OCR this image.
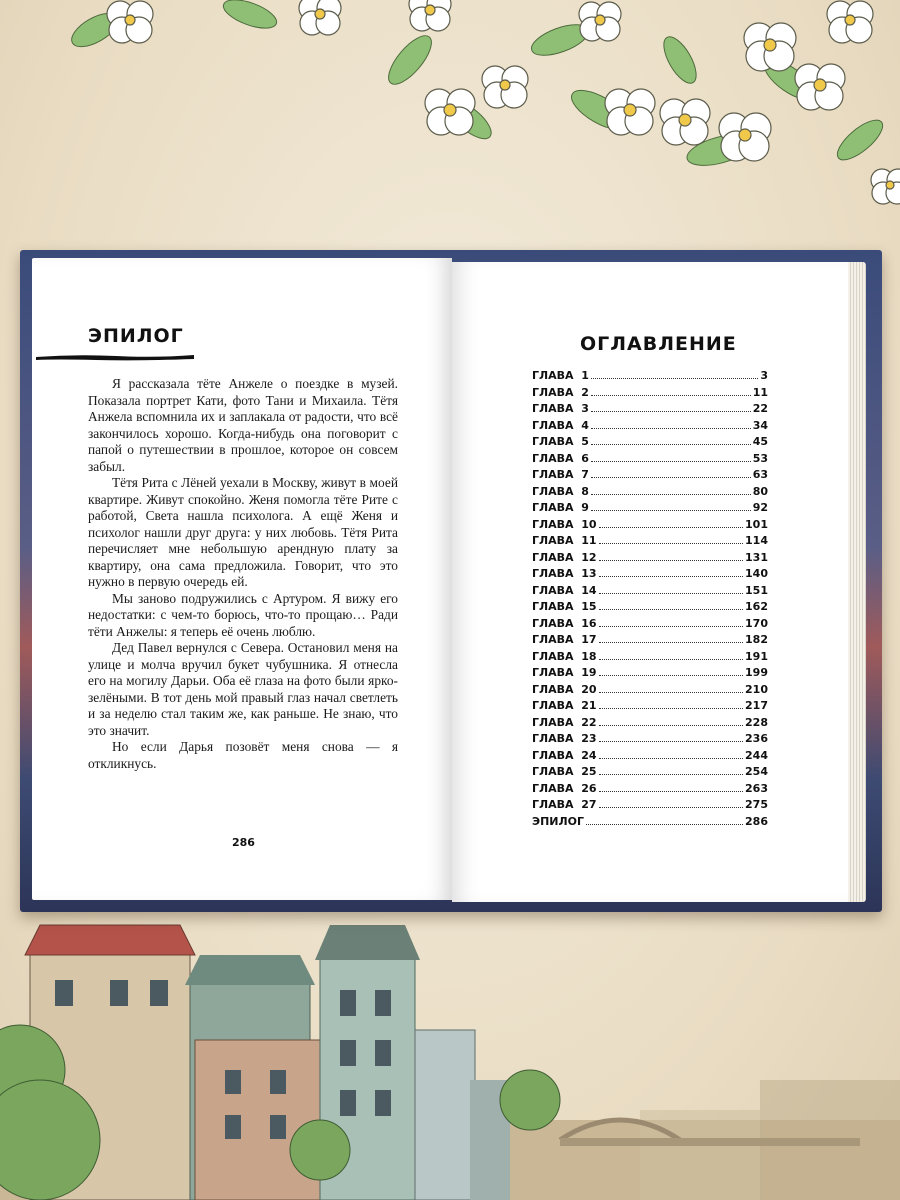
ЭПИЛОГ

Я рассказала тёте Анжеле о поездке в музей. Показала портрет Кати, фото Тани и Михаила. Тётя Анжела вспомнила их и заплакала от радости, что всё закончилось хорошо. Когда-нибудь она поговорит с папой о путешествии в прошлое, которое он совсем забыл.

Тётя Рита с Лёней уехали в Москву, живут в моей квартире. Живут спокойно. Женя помогла тёте Рите с работой, Света нашла психолога. А ещё Женя и психолог нашли друг друга: у них любовь. Тётя Рита перечисляет мне небольшую арендную плату за квартиру, она сама предложила. Говорит, что это нужно в первую очередь ей.

Мы заново подружились с Артуром. Я вижу его недостатки: с чем-то борюсь, что-то прощаю… Ради тёти Анжелы: я теперь её очень люблю.

Дед Павел вернулся с Севера. Остановил меня на улице и молча вручил букет чубушника. Я отнесла его на могилу Дарьи. Оба её глаза на фото были ярко-зелёными. В тот день мой правый глаз начал светлеть и за неделю стал таким же, как раньше. Не знаю, что это значит.

Но если Дарья позовёт меня снова — я откликнусь.

286
ОГЛАВЛЕНИЕ
ГЛАВА  1	3
ГЛАВА  2	11
ГЛАВА  3	22
ГЛАВА  4	34
ГЛАВА  5	45
ГЛАВА  6	53
ГЛАВА  7	63
ГЛАВА  8	80
ГЛАВА  9	92
ГЛАВА  10	101
ГЛАВА  11	114
ГЛАВА  12	131
ГЛАВА  13	140
ГЛАВА  14	151
ГЛАВА  15	162
ГЛАВА  16	170
ГЛАВА  17	182
ГЛАВА  18	191
ГЛАВА  19	199
ГЛАВА  20	210
ГЛАВА  21	217
ГЛАВА  22	228
ГЛАВА  23	236
ГЛАВА  24	244
ГЛАВА  25	254
ГЛАВА  26	263
ГЛАВА  27	275
ЭПИЛОГ	286
